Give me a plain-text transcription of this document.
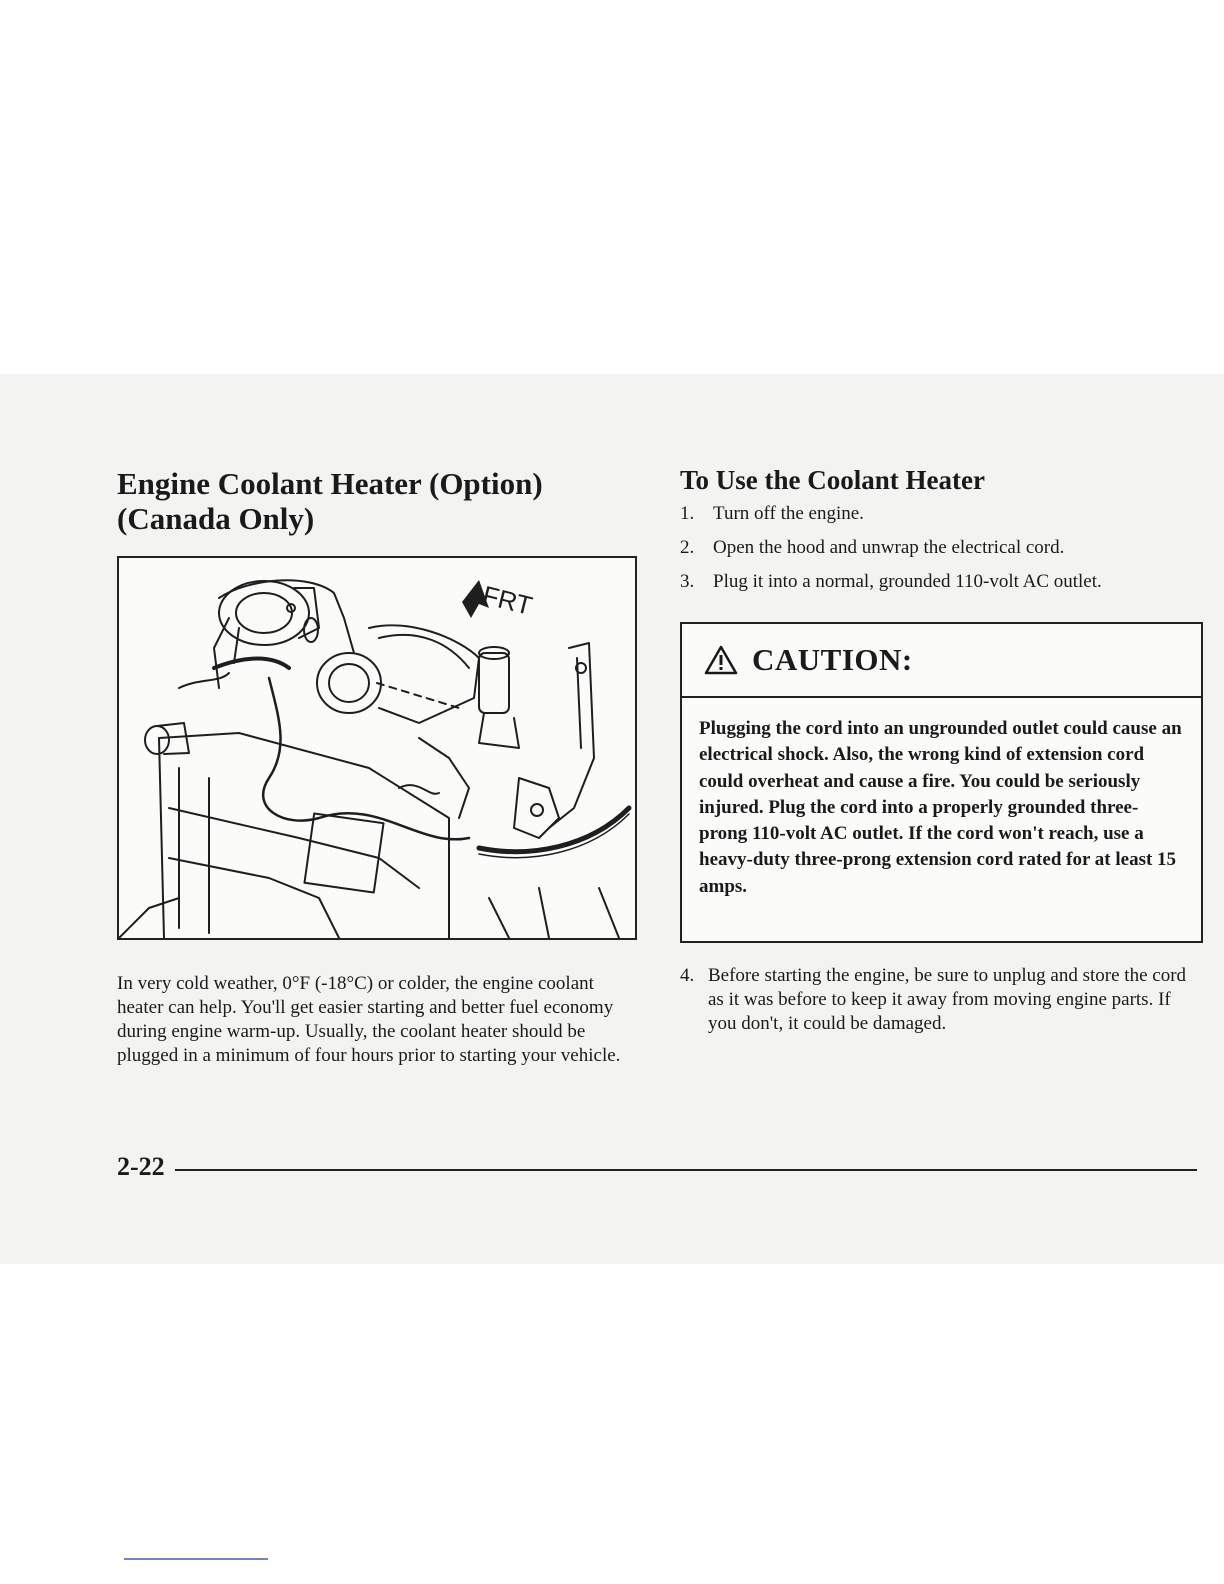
Engine Coolant Heater (Option)
(Canada Only)
FRT
In very cold weather, 0°F (-18°C) or colder, the engine coolant heater can help. You'll get easier starting and better fuel economy during engine warm-up. Usually, the coolant heater should be plugged in a minimum of four hours prior to starting your vehicle.
To Use the Coolant Heater
1. Turn off the engine.
2. Open the hood and unwrap the electrical cord.
3. Plug it into a normal, grounded 110-volt AC outlet.
CAUTION:
Plugging the cord into an ungrounded outlet could cause an electrical shock. Also, the wrong kind of extension cord could overheat and cause a fire. You could be seriously injured. Plug the cord into a properly grounded three-prong 110-volt AC outlet. If the cord won't reach, use a heavy-duty three-prong extension cord rated for at least 15 amps.
4. Before starting the engine, be sure to unplug and store the cord as it was before to keep it away from moving engine parts. If you don't, it could be damaged.
2-22
